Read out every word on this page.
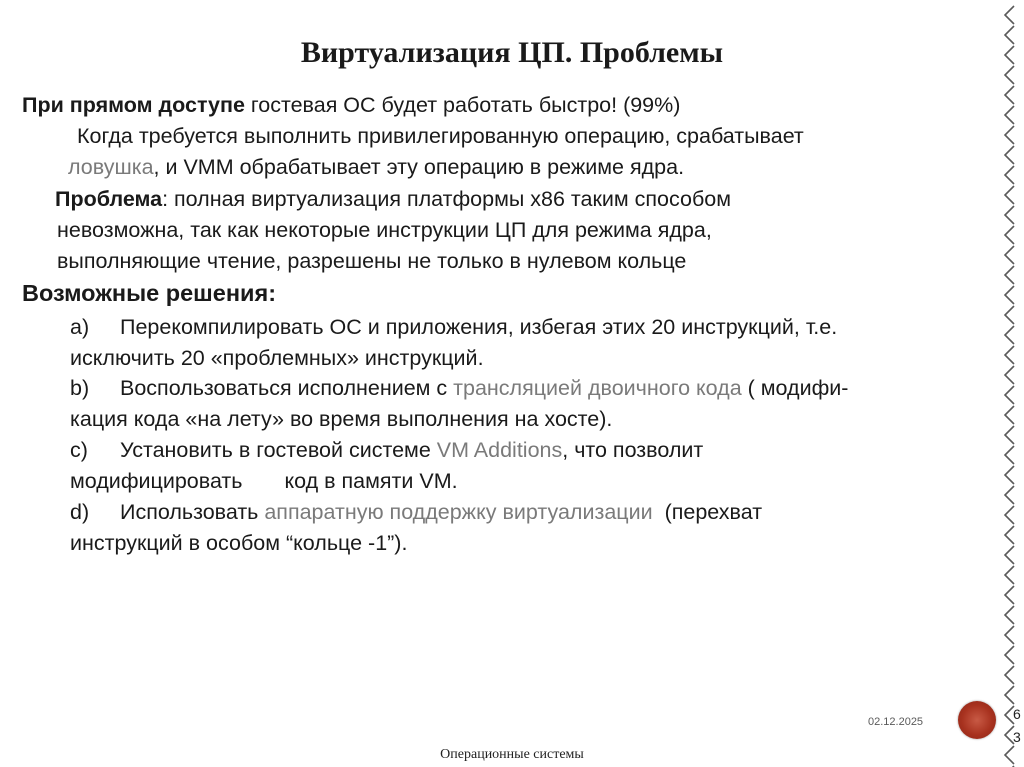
Виртуализация ЦП. Проблемы
При прямом доступе гостевая ОС будет работать быстро! (99%)
Когда требуется выполнить привилегированную операцию, срабатывает
ловушка, и VMM обрабатывает эту операцию в режиме ядра.
Проблема: полная виртуализация платформы х86 таким способом
невозможна, так как некоторые инструкции ЦП для режима ядра,
выполняющие чтение, разрешены не только в нулевом кольце
Возможные решения:
a) Перекомпилировать ОС и приложения, избегая этих 20 инструкций, т.е.
исключить 20 «проблемных» инструкций.
b) Воспользоваться исполнением с трансляцией двоичного кода ( модифи-
кация кода «на лету» во время выполнения на хосте).
c) Установить в гостевой системе VM Additions, что позволит
модифицировать код в памяти VM.
d) Использовать аппаратную поддержку виртуализации  (перехват
инструкций в особом “кольце -1”).
02.12.2025	6
3
Операционные системы
